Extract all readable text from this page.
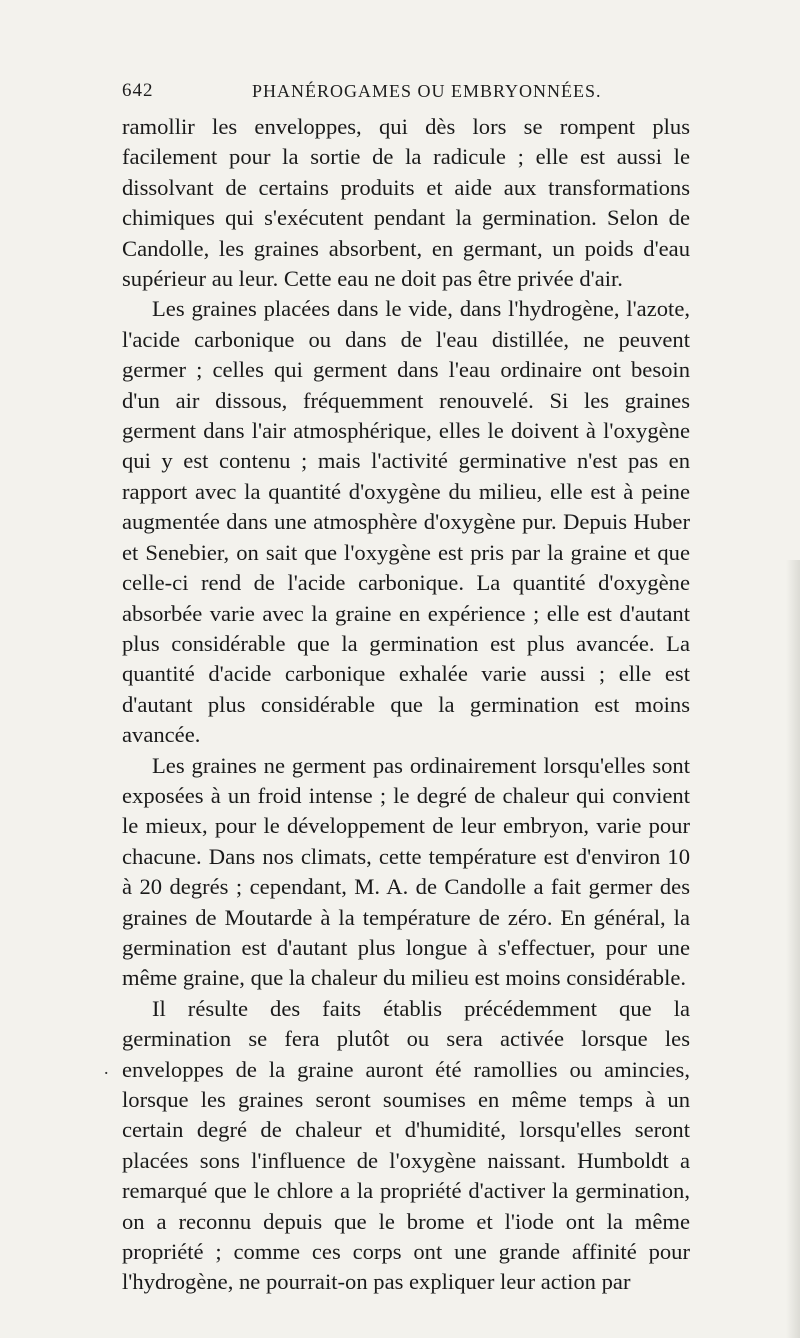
642	PHANÉROGAMES OU EMBRYONNÉES.

ramollir les enveloppes, qui dès lors se rompent plus facilement pour la sortie de la radicule ; elle est aussi le dissolvant de certains produits et aide aux transformations chimiques qui s'exécutent pendant la germination. Selon de Candolle, les graines absorbent, en germant, un poids d'eau supérieur au leur. Cette eau ne doit pas être privée d'air.

Les graines placées dans le vide, dans l'hydrogène, l'azote, l'acide carbonique ou dans de l'eau distillée, ne peuvent germer ; celles qui germent dans l'eau ordinaire ont besoin d'un air dissous, fréquemment renouvelé. Si les graines germent dans l'air atmosphérique, elles le doivent à l'oxygène qui y est contenu ; mais l'activité germinative n'est pas en rapport avec la quantité d'oxygène du milieu, elle est à peine augmentée dans une atmosphère d'oxygène pur. Depuis Huber et Senebier, on sait que l'oxygène est pris par la graine et que celle-ci rend de l'acide carbonique. La quantité d'oxygène absorbée varie avec la graine en expérience ; elle est d'autant plus considérable que la germination est plus avancée. La quantité d'acide carbonique exhalée varie aussi ; elle est d'autant plus considérable que la germination est moins avancée.

Les graines ne germent pas ordinairement lorsqu'elles sont exposées à un froid intense ; le degré de chaleur qui convient le mieux, pour le développement de leur embryon, varie pour chacune. Dans nos climats, cette température est d'environ 10 à 20 degrés ; cependant, M. A. de Candolle a fait germer des graines de Moutarde à la température de zéro. En général, la germination est d'autant plus longue à s'effectuer, pour une même graine, que la chaleur du milieu est moins considérable.

Il résulte des faits établis précédemment que la germination se fera plutôt ou sera activée lorsque les enveloppes de la graine auront été ramollies ou amincies, lorsque les graines seront soumises en même temps à un certain degré de chaleur et d'humidité, lorsqu'elles seront placées sons l'influence de l'oxygène naissant. Humboldt a remarqué que le chlore a la propriété d'activer la germination, on a reconnu depuis que le brome et l'iode ont la même propriété ; comme ces corps ont une grande affinité pour l'hydrogène, ne pourrait-on pas expliquer leur action par

.
